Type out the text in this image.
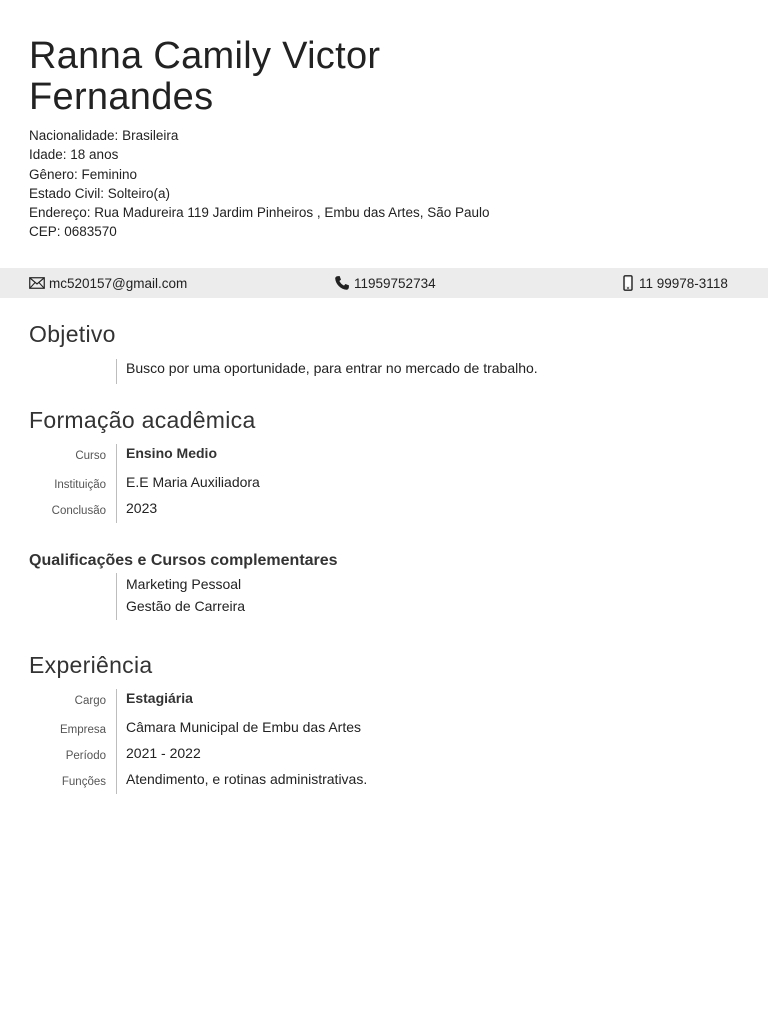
Ranna Camily Victor
Fernandes
Nacionalidade: Brasileira
Idade: 18 anos
Gênero: Feminino
Estado Civil: Solteiro(a)
Endereço: Rua Madureira 119 Jardim Pinheiros , Embu das Artes, São Paulo
CEP: 0683570
mc520157@gmail.com	11959752734	11 99978-3118
Objetivo
Busco por uma oportunidade, para entrar no mercado de trabalho.
Formação acadêmica
Curso Ensino Medio
Instituição E.E Maria Auxiliadora
Conclusão 2023
Qualificações e Cursos complementares
Marketing Pessoal
Gestão de Carreira
Experiência
Cargo Estagiária
Empresa Câmara Municipal de Embu das Artes
Período 2021 - 2022
Funções Atendimento, e rotinas administrativas.
